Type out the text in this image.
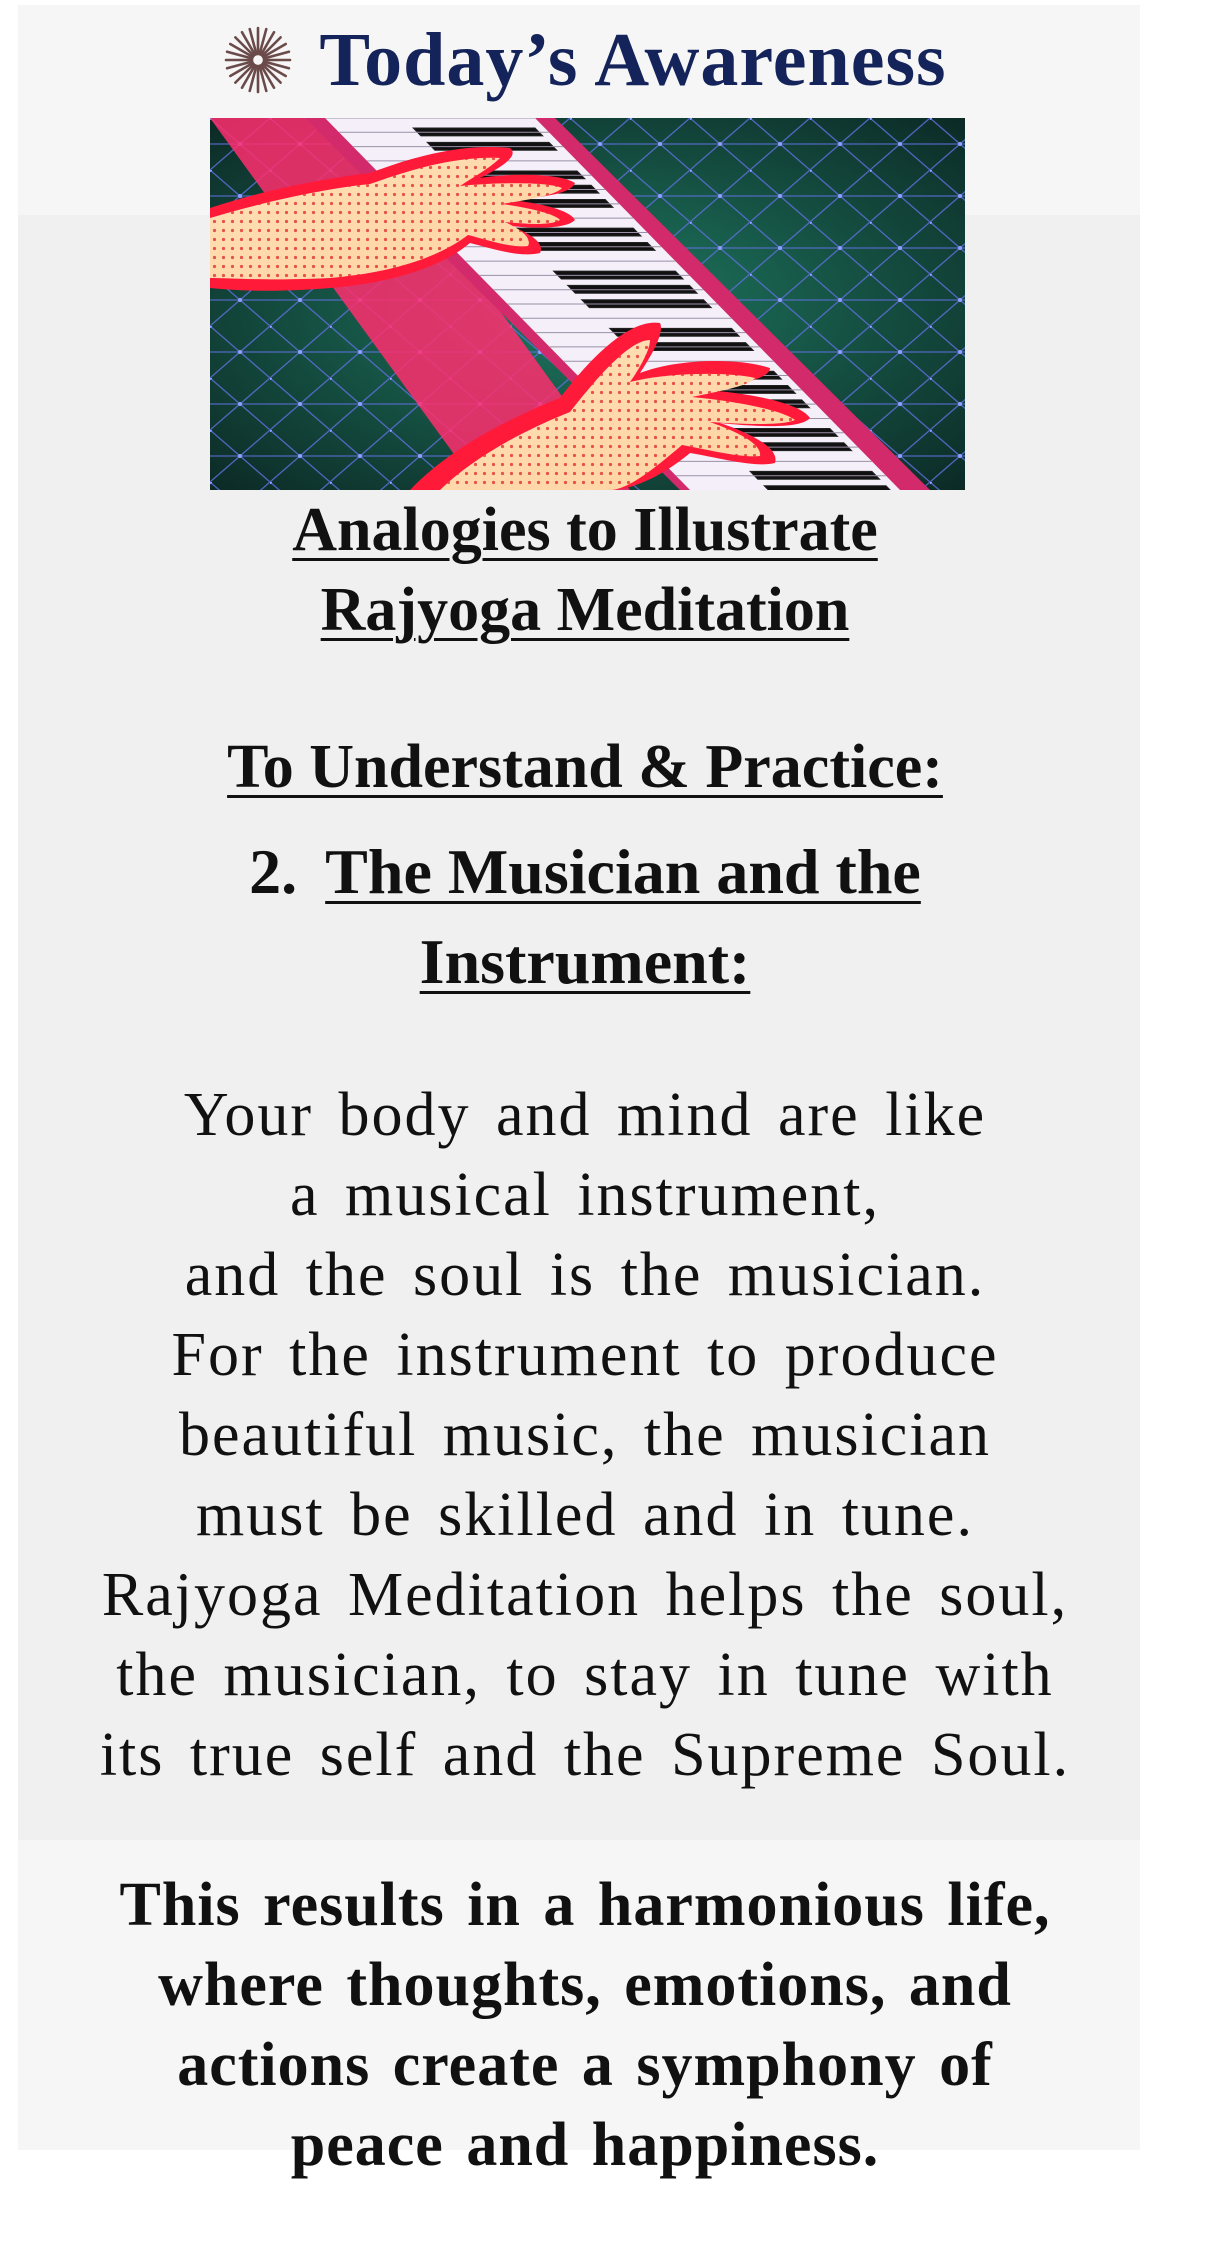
Today’s Awareness
Analogies to Illustrate
Rajyoga Meditation
To Understand & Practice:
2. The Musician and the
Instrument:
Your body and mind are like
a musical instrument,
and the soul is the musician.
For the instrument to produce
beautiful music, the musician
must be skilled and in tune.
Rajyoga Meditation helps the soul,
the musician, to stay in tune with
its true self and the Supreme Soul.
This results in a harmonious life,
where thoughts, emotions, and
actions create a symphony of
peace and happiness.
